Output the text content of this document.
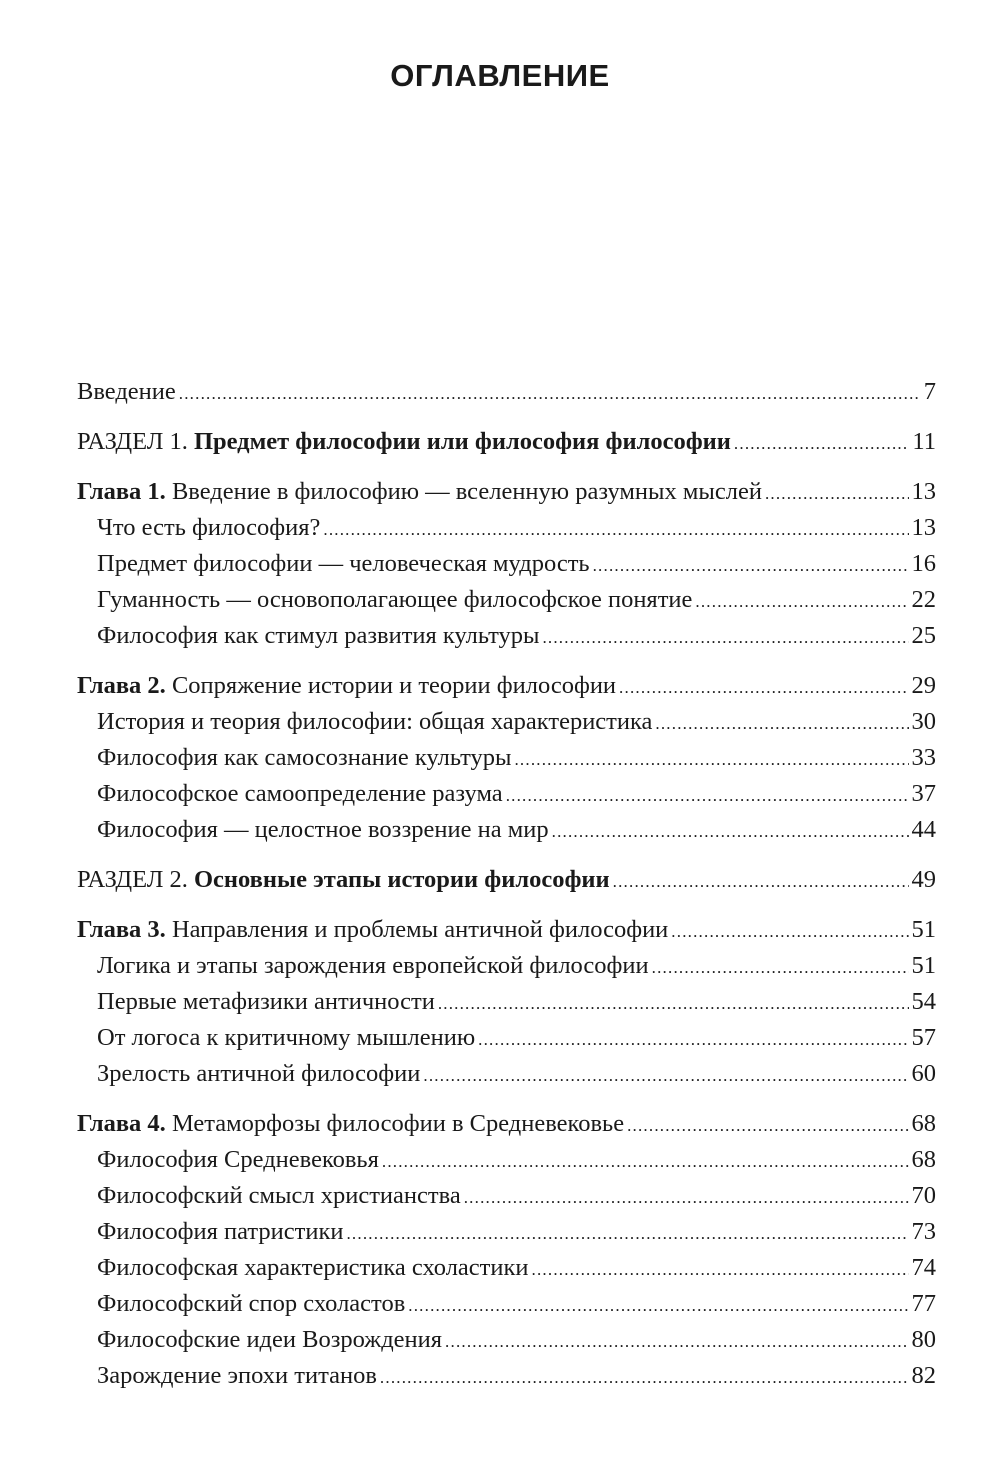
ОГЛАВЛЕНИЕ
Введение .....	7
РАЗДЕЛ 1. Предмет философии или философия философии .....	11
Глава 1. Введение в философию — вселенную разумных мыслей .....	13
Что есть философия? .....	13
Предмет философии — человеческая мудрость .....	16
Гуманность — основополагающее философское понятие .....	22
Философия как стимул развития культуры .....	25
Глава 2. Сопряжение истории и теории философии .....	29
История и теория философии: общая характеристика .....	30
Философия как самосознание культуры .....	33
Философское самоопределение разума .....	37
Философия — целостное воззрение на мир .....	44
РАЗДЕЛ 2. Основные этапы истории философии .....	49
Глава 3. Направления и проблемы античной философии .....	51
Логика и этапы зарождения европейской философии .....	51
Первые метафизики античности .....	54
От логоса к критичному мышлению .....	57
Зрелость античной философии .....	60
Глава 4. Метаморфозы философии в Средневековье .....	68
Философия Средневековья .....	68
Философский смысл христианства .....	70
Философия патристики .....	73
Философская характеристика схоластики .....	74
Философский спор схоластов .....	77
Философские идеи Возрождения .....	80
Зарождение эпохи титанов .....	82
